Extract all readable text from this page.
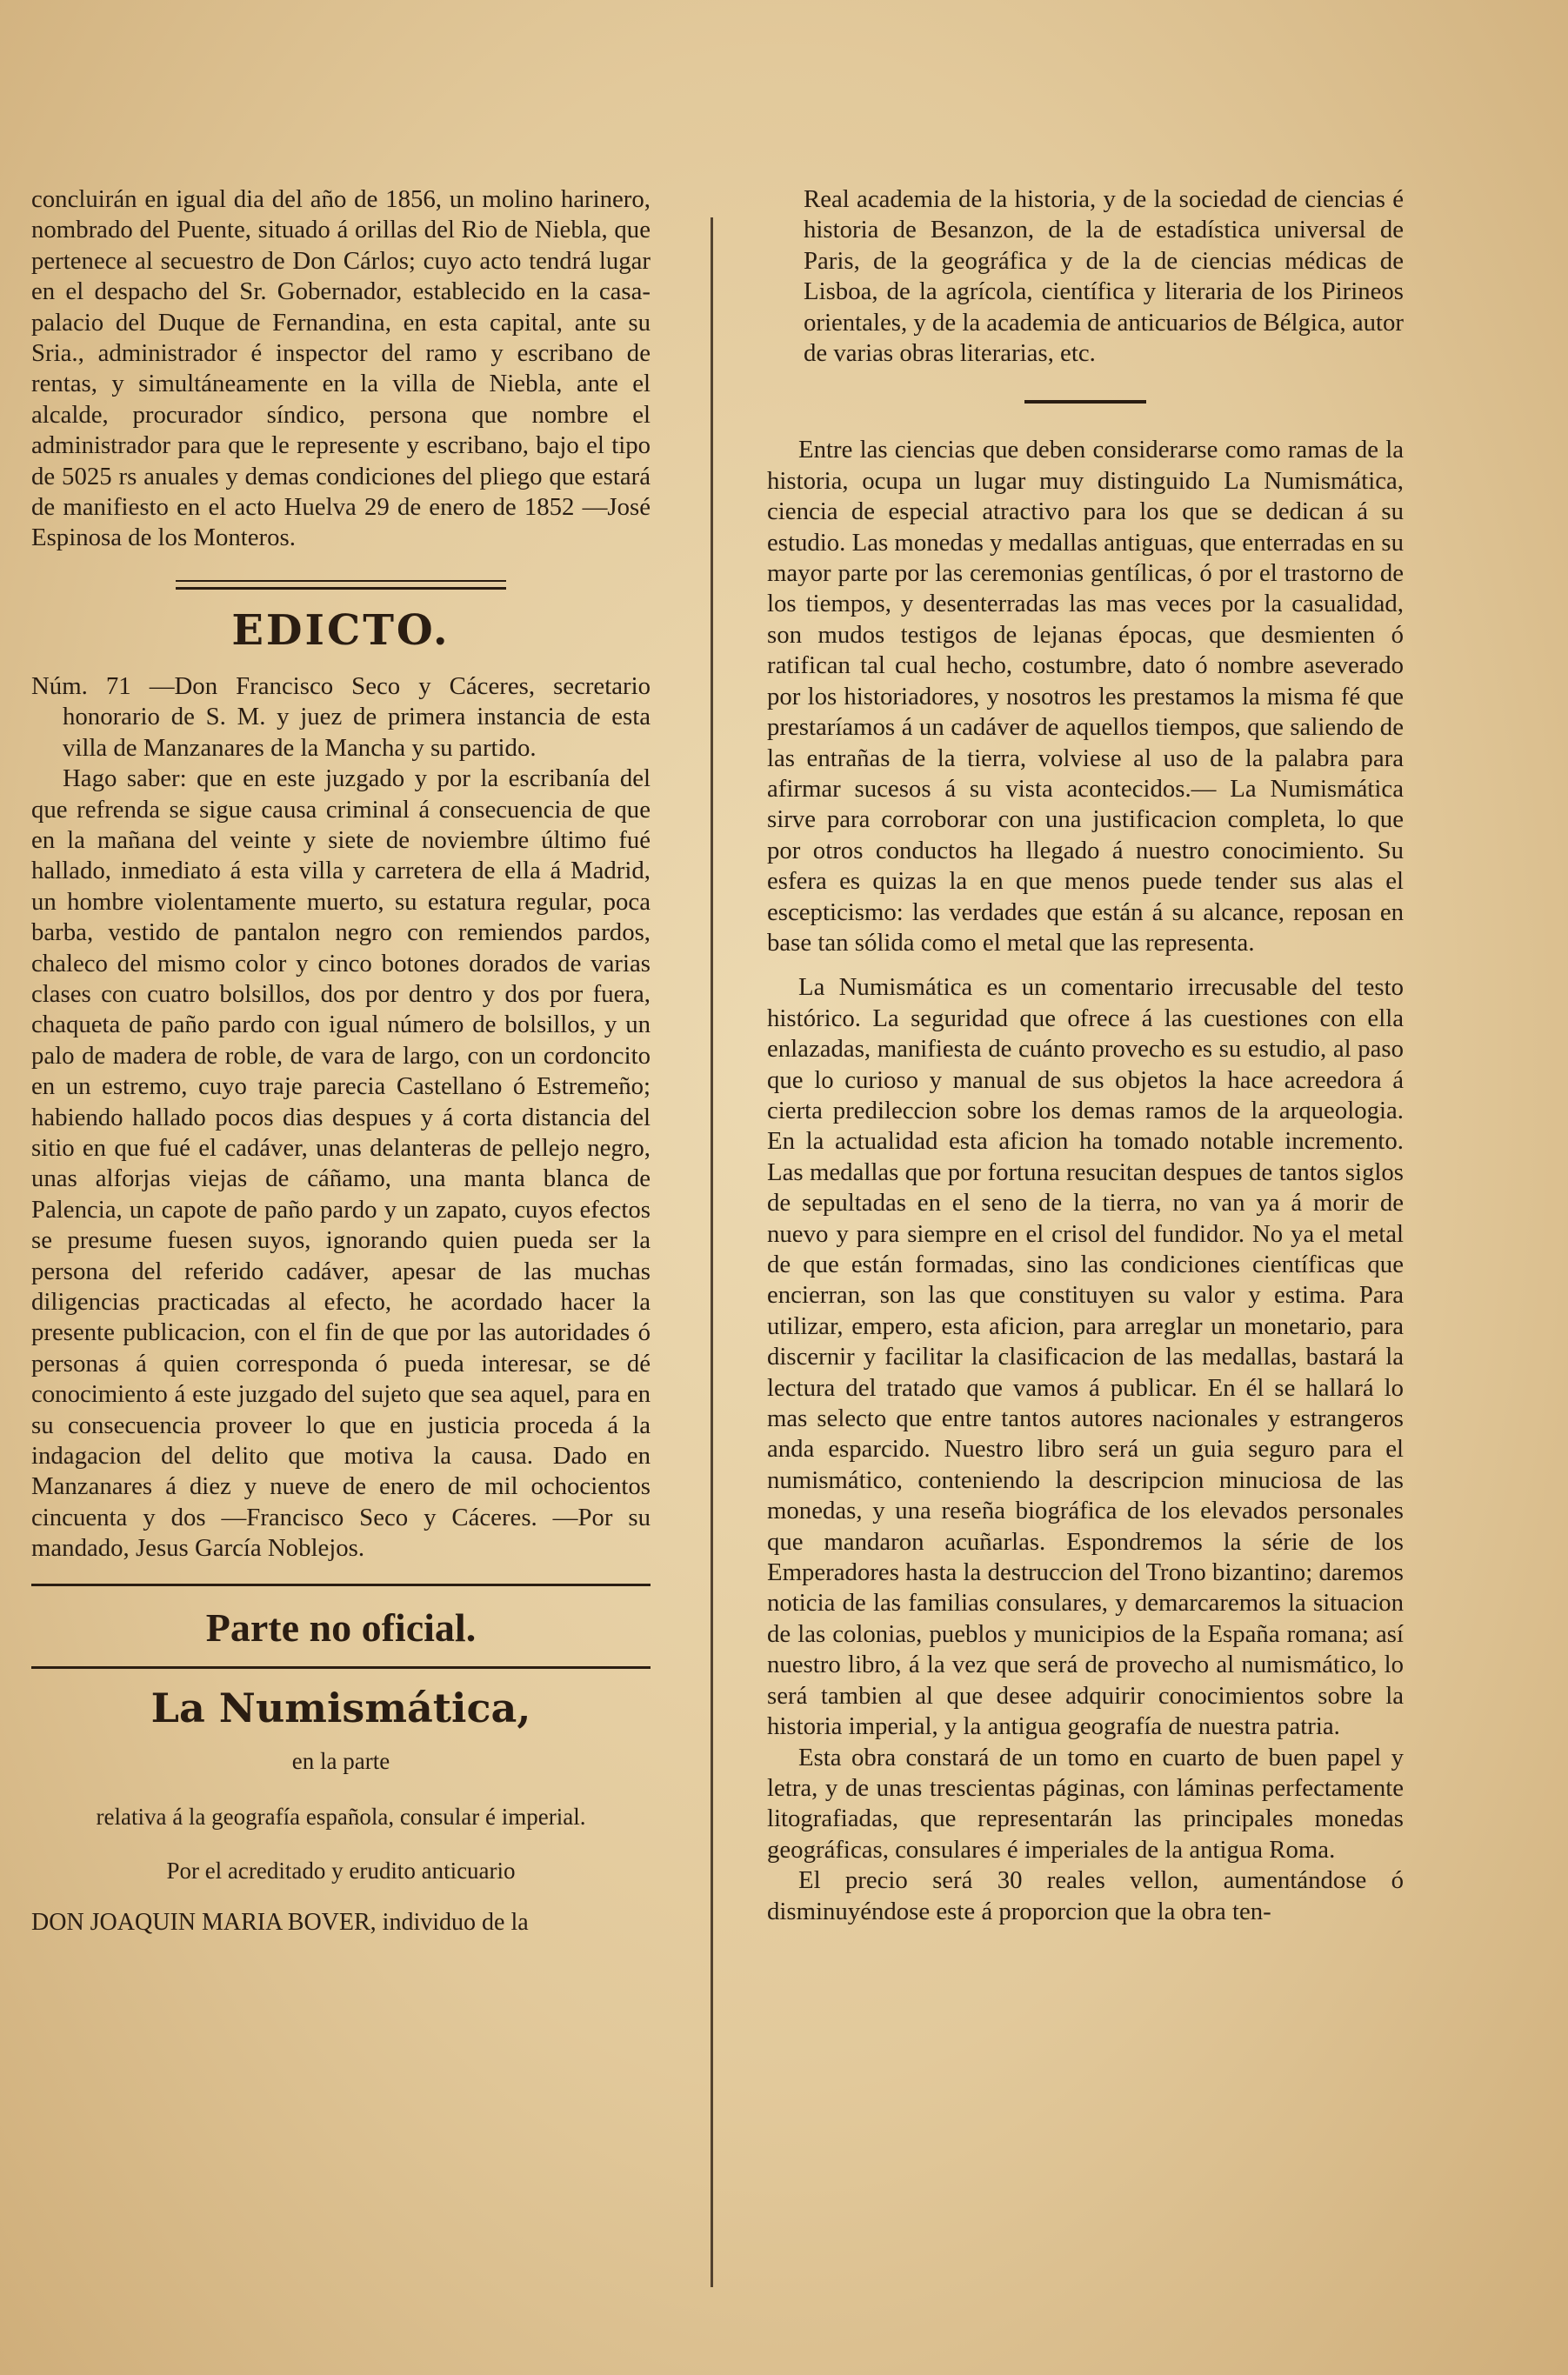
concluirán en igual dia del año de 1856, un molino harinero, nombrado del Puente, situado á orillas del Rio de Niebla, que pertenece al secuestro de Don Cárlos; cuyo acto tendrá lugar en el despacho del Sr. Gobernador, establecido en la casa-palacio del Duque de Fernandina, en esta capital, ante su Sria., administrador é inspector del ramo y escribano de rentas, y simultáneamente en la villa de Niebla, ante el alcalde, procurador síndico, persona que nombre el administrador para que le represente y escribano, bajo el tipo de 5025 rs anuales y demas condiciones del pliego que estará de manifiesto en el acto Huelva 29 de enero de 1852 —José Espinosa de los Monteros.

EDICTO.

Núm. 71 —Don Francisco Seco y Cáceres, secretario honorario de S. M. y juez de primera instancia de esta villa de Manzanares de la Mancha y su partido.

Hago saber: que en este juzgado y por la escribanía del que refrenda se sigue causa criminal á consecuencia de que en la mañana del veinte y siete de noviembre último fué hallado, inmediato á esta villa y carretera de ella á Madrid, un hombre violentamente muerto, su estatura regular, poca barba, vestido de pantalon negro con remiendos pardos, chaleco del mismo color y cinco botones dorados de varias clases con cuatro bolsillos, dos por dentro y dos por fuera, chaqueta de paño pardo con igual número de bolsillos, y un palo de madera de roble, de vara de largo, con un cordoncito en un estremo, cuyo traje parecia Castellano ó Estremeño; habiendo hallado pocos dias despues y á corta distancia del sitio en que fué el cadáver, unas delanteras de pellejo negro, unas alforjas viejas de cáñamo, una manta blanca de Palencia, un capote de paño pardo y un zapato, cuyos efectos se presume fuesen suyos, ignorando quien pueda ser la persona del referido cadáver, apesar de las muchas diligencias practicadas al efecto, he acordado hacer la presente publicacion, con el fin de que por las autoridades ó personas á quien corresponda ó pueda interesar, se dé conocimiento á este juzgado del sujeto que sea aquel, para en su consecuencia proveer lo que en justicia proceda á la indagacion del delito que motiva la causa. Dado en Manzanares á diez y nueve de enero de mil ochocientos cincuenta y dos —Francisco Seco y Cáceres. —Por su mandado, Jesus García Noblejos.

Parte no oficial.
La Numismática,
en la parte
relativa á la geografía española, consular é imperial.
Por el acreditado y erudito anticuario
DON JOAQUIN MARIA BOVER, individuo de la

Real academia de la historia, y de la sociedad de ciencias é historia de Besanzon, de la de estadística universal de Paris, de la geográfica y de la de ciencias médicas de Lisboa, de la agrícola, científica y literaria de los Pirineos orientales, y de la academia de anticuarios de Bélgica, autor de varias obras literarias, etc.

Entre las ciencias que deben considerarse como ramas de la historia, ocupa un lugar muy distinguido La Numismática, ciencia de especial atractivo para los que se dedican á su estudio. Las monedas y medallas antiguas, que enterradas en su mayor parte por las ceremonias gentílicas, ó por el trastorno de los tiempos, y desenterradas las mas veces por la casualidad, son mudos testigos de lejanas épocas, que desmienten ó ratifican tal cual hecho, costumbre, dato ó nombre aseverado por los historiadores, y nosotros les prestamos la misma fé que prestaríamos á un cadáver de aquellos tiempos, que saliendo de las entrañas de la tierra, volviese al uso de la palabra para afirmar sucesos á su vista acontecidos.— La Numismática sirve para corroborar con una justificacion completa, lo que por otros conductos ha llegado á nuestro conocimiento. Su esfera es quizas la en que menos puede tender sus alas el escepticismo: las verdades que están á su alcance, reposan en base tan sólida como el metal que las representa.

La Numismática es un comentario irrecusable del testo histórico. La seguridad que ofrece á las cuestiones con ella enlazadas, manifiesta de cuánto provecho es su estudio, al paso que lo curioso y manual de sus objetos la hace acreedora á cierta predileccion sobre los demas ramos de la arqueologia. En la actualidad esta aficion ha tomado notable incremento. Las medallas que por fortuna resucitan despues de tantos siglos de sepultadas en el seno de la tierra, no van ya á morir de nuevo y para siempre en el crisol del fundidor. No ya el metal de que están formadas, sino las condiciones científicas que encierran, son las que constituyen su valor y estima. Para utilizar, empero, esta aficion, para arreglar un monetario, para discernir y facilitar la clasificacion de las medallas, bastará la lectura del tratado que vamos á publicar. En él se hallará lo mas selecto que entre tantos autores nacionales y estrangeros anda esparcido. Nuestro libro será un guia seguro para el numismático, conteniendo la descripcion minuciosa de las monedas, y una reseña biográfica de los elevados personales que mandaron acuñarlas. Espondremos la série de los Emperadores hasta la destruccion del Trono bizantino; daremos noticia de las familias consulares, y demarcaremos la situacion de las colonias, pueblos y municipios de la España romana; así nuestro libro, á la vez que será de provecho al numismático, lo será tambien al que desee adquirir conocimientos sobre la historia imperial, y la antigua geografía de nuestra patria.

Esta obra constará de un tomo en cuarto de buen papel y letra, y de unas trescientas páginas, con láminas perfectamente litografiadas, que representarán las principales monedas geográficas, consulares é imperiales de la antigua Roma.

El precio será 30 reales vellon, aumentándose ó disminuyéndose este á proporcion que la obra ten-
